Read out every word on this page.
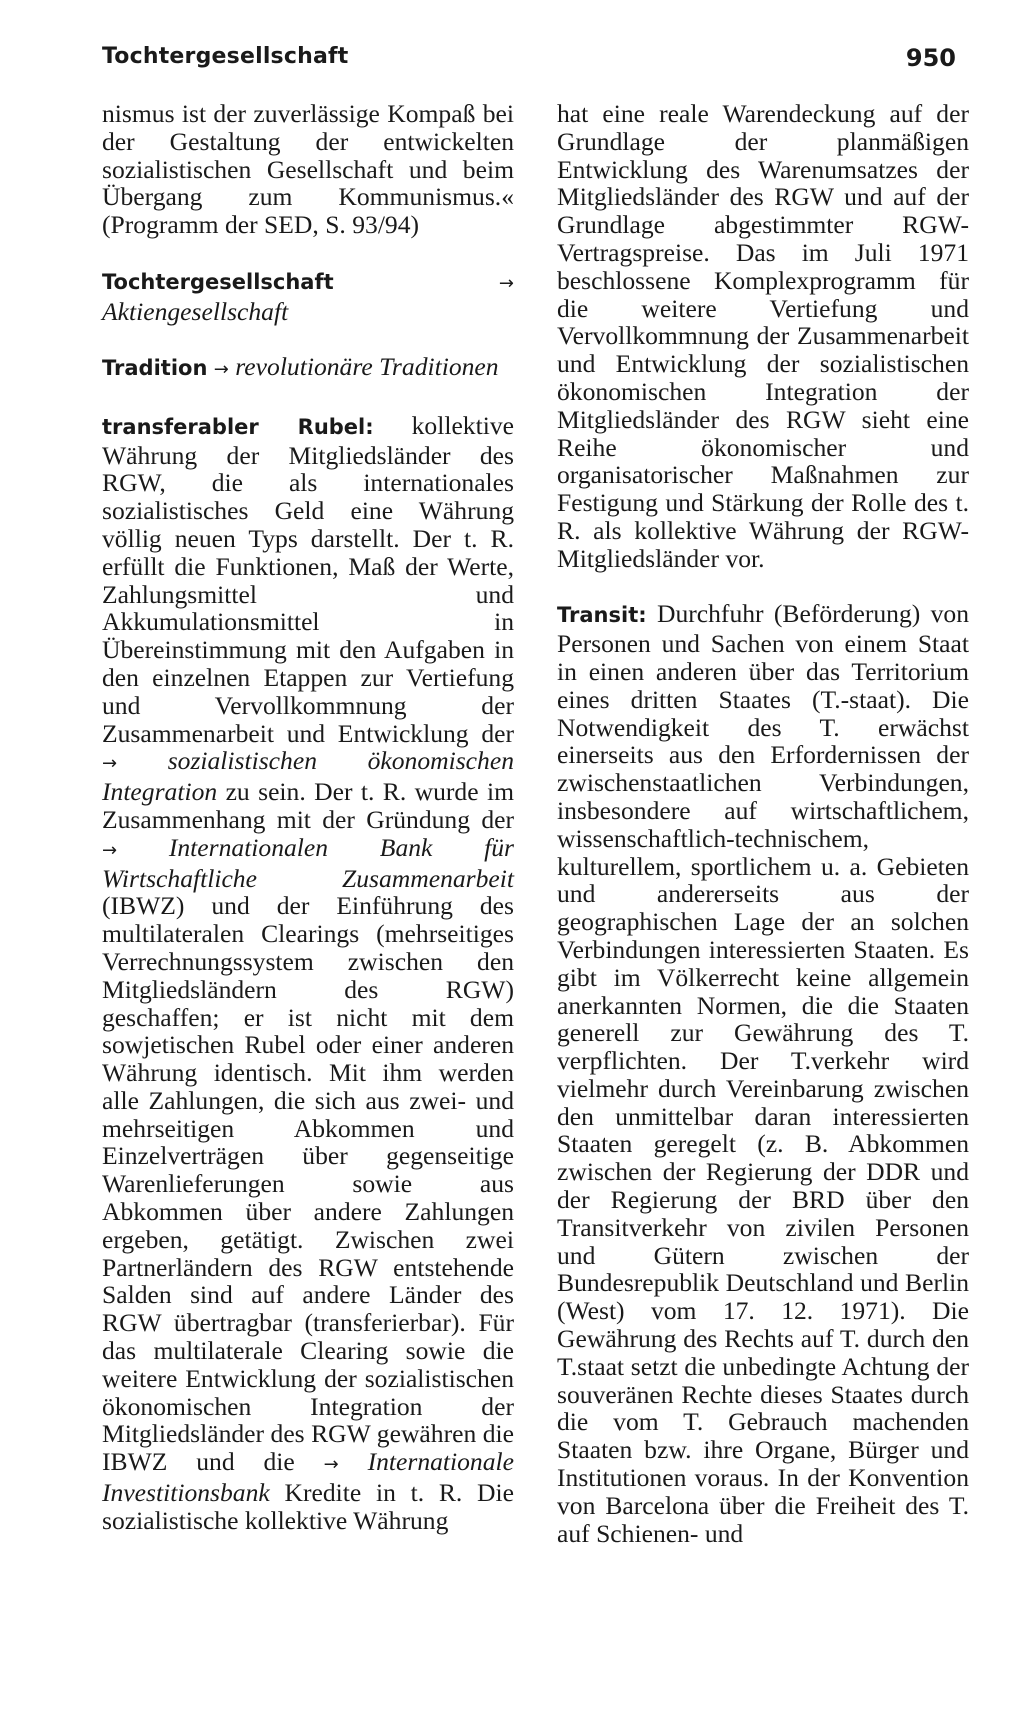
Tochtergesellschaft	950

nismus ist der zuverlässige Kompaß bei der Gestaltung der entwickelten sozialistischen Gesellschaft und beim Übergang zum Kommunismus.« (Programm der SED, S. 93/94)

Tochtergesellschaft	→ Aktiengesellschaft

Tradition → revolutionäre Traditionen

transferabler Rubel: kollektive Währung der Mitgliedsländer des RGW, die als internationales sozialistisches Geld eine Währung völlig neuen Typs darstellt. Der t. R. erfüllt die Funktionen, Maß der Werte, Zahlungsmittel und Akkumulationsmittel in Übereinstimmung mit den Aufgaben in den einzelnen Etappen zur Vertiefung und Vervollkommnung der Zusammenarbeit und Entwicklung der → sozialistischen ökonomischen Integration zu sein. Der t. R. wurde im Zusammenhang mit der Gründung der → Internationalen Bank für Wirtschaftliche Zusammenarbeit (IBWZ) und der Einführung des multilateralen Clearings (mehrseitiges Verrechnungssystem zwischen den Mitgliedsländern des RGW) geschaffen; er ist nicht mit dem sowjetischen Rubel oder einer anderen Währung identisch. Mit ihm werden alle Zahlungen, die sich aus zwei- und mehrseitigen Abkommen und Einzelverträgen über gegenseitige Warenlieferungen sowie aus Abkommen über andere Zahlungen ergeben, getätigt. Zwischen zwei Partnerländern des RGW entstehende Salden sind auf andere Länder des RGW übertragbar (transferierbar). Für das multilaterale Clearing sowie die weitere Entwicklung der sozialistischen ökonomischen Integration der Mitgliedsländer des RGW gewähren die IBWZ und die → Internationale Investitionsbank Kredite in t. R. Die sozialistische kollektive Währung

hat eine reale Warendeckung auf der Grundlage der planmäßigen Entwicklung des Warenumsatzes der Mitgliedsländer des RGW und auf der Grundlage abgestimmter RGW-Vertragspreise. Das im Juli 1971 beschlossene Komplexprogramm für die weitere Vertiefung und Vervollkommnung der Zusammenarbeit und Entwicklung der sozialistischen ökonomischen Integration der Mitgliedsländer des RGW sieht eine Reihe ökonomischer und organisatorischer Maßnahmen zur Festigung und Stärkung der Rolle des t. R. als kollektive Währung der RGW-Mitgliedsländer vor.

Transit: Durchfuhr (Beförderung) von Personen und Sachen von einem Staat in einen anderen über das Territorium eines dritten Staates (T.-staat). Die Notwendigkeit des T. erwächst einerseits aus den Erfordernissen der zwischenstaatlichen Verbindungen, insbesondere auf wirtschaftlichem, wissenschaftlich-technischem, kulturellem, sportlichem u. a. Gebieten und andererseits aus der geographischen Lage der an solchen Verbindungen interessierten Staaten. Es gibt im Völkerrecht keine allgemein anerkannten Normen, die die Staaten generell zur Gewährung des T. verpflichten. Der T.verkehr wird vielmehr durch Vereinbarung zwischen den unmittelbar daran interessierten Staaten geregelt (z. B. Abkommen zwischen der Regierung der DDR und der Regierung der BRD über den Transitverkehr von zivilen Personen und Gütern zwischen der Bundesrepublik Deutschland und Berlin (West) vom 17. 12. 1971). Die Gewährung des Rechts auf T. durch den T.staat setzt die unbedingte Achtung der souveränen Rechte dieses Staates durch die vom T. Gebrauch machenden Staaten bzw. ihre Organe, Bürger und Institutionen voraus. In der Konvention von Barcelona über die Freiheit des T. auf Schienen- und
